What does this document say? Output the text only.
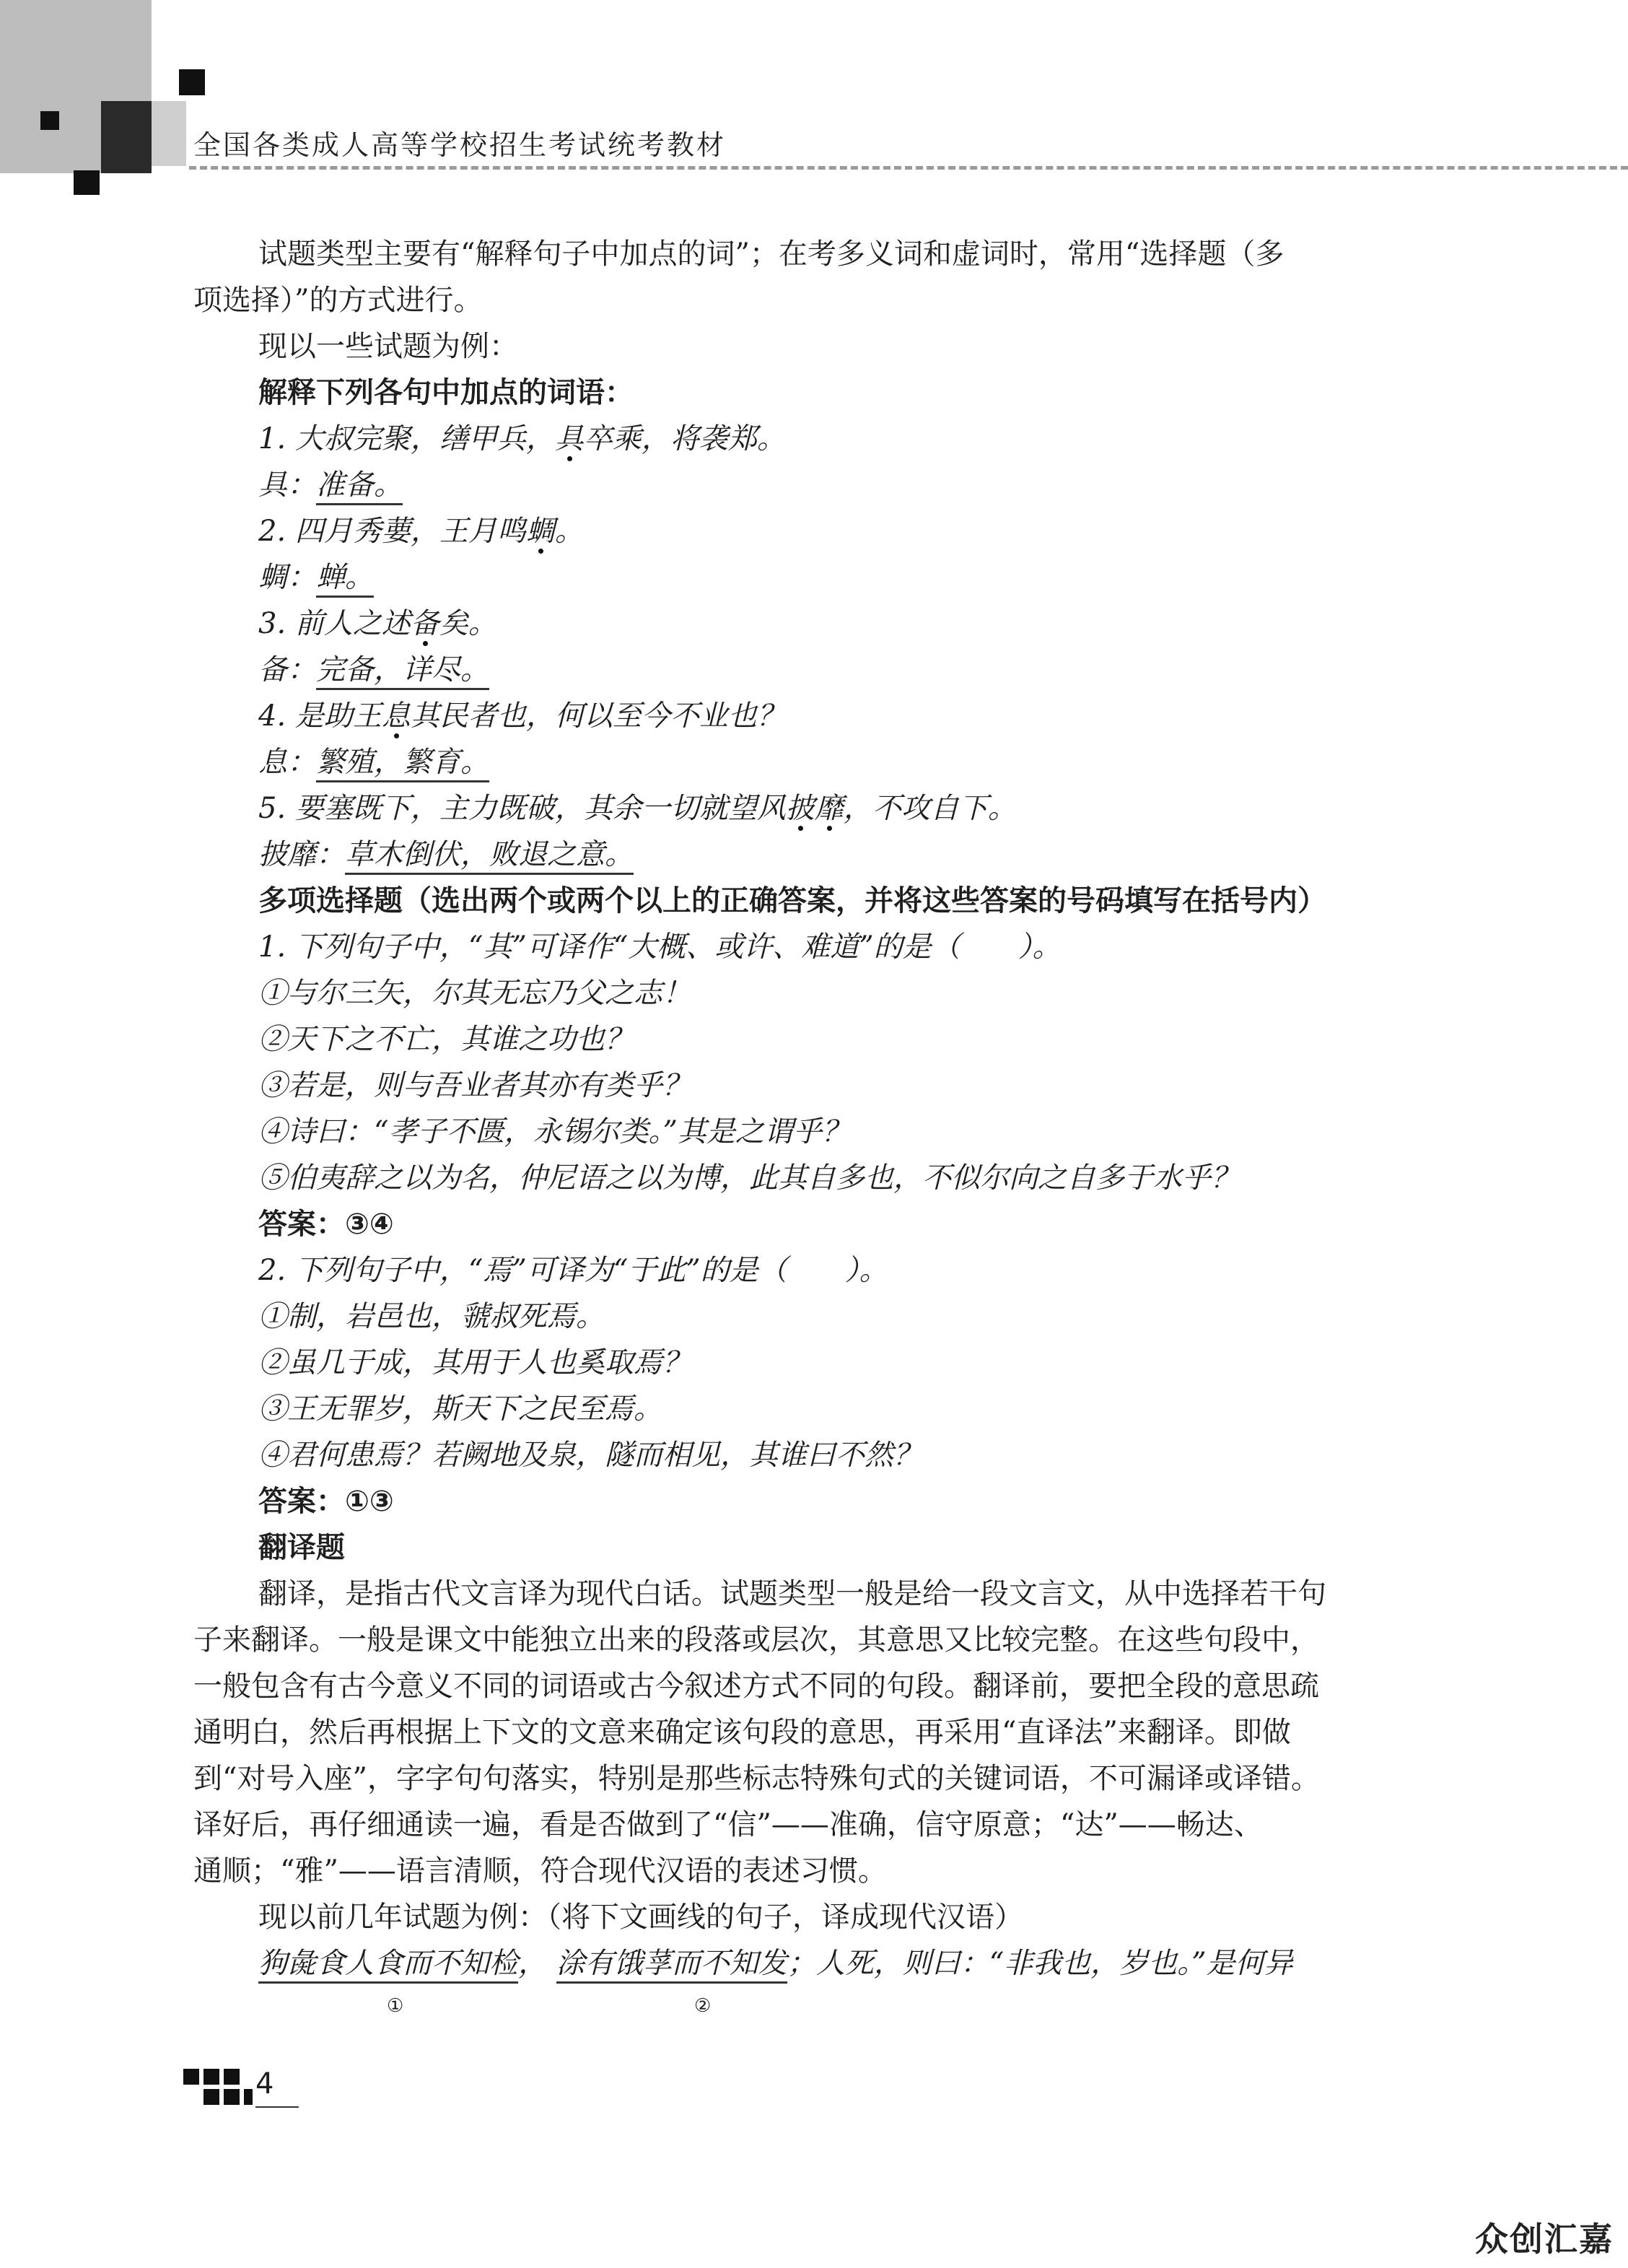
全国各类成人高等学校招生考试统考教材
试题类型主要有“解释句子中加点的词”；在考多义词和虚词时，常用“选择题（多
项选择）”的方式进行。
现以一些试题为例：
解释下列各句中加点的词语：
1. 大叔完聚，缮甲兵，具卒乘，将袭郑。
具：准备。
2. 四月秀葽，王月鸣蜩。
蜩：蝉。
3. 前人之述备矣。
备：完备，详尽。
4. 是助王息其民者也，何以至今不业也？
息：繁殖，繁育。
5. 要塞既下，主力既破，其余一切就望风披靡，不攻自下。
披靡：草木倒伏，败退之意。
多项选择题（选出两个或两个以上的正确答案，并将这些答案的号码填写在括号内）
1. 下列句子中，“其”可译作“大概、或许、难道”的是（　　）。
①与尔三矢，尔其无忘乃父之志！
②天下之不亡，其谁之功也？
③若是，则与吾业者其亦有类乎？
④诗曰：“孝子不匮，永锡尔类。”其是之谓乎？
⑤伯夷辞之以为名，仲尼语之以为博，此其自多也，不似尔向之自多于水乎？
答案：③④
2. 下列句子中，“焉”可译为“于此”的是（　　）。
①制，岩邑也，虢叔死焉。
②虽几于成，其用于人也奚取焉？
③王无罪岁，斯天下之民至焉。
④君何患焉？若阙地及泉，隧而相见，其谁曰不然？
答案：①③
翻译题
翻译，是指古代文言译为现代白话。试题类型一般是给一段文言文，从中选择若干句
子来翻译。一般是课文中能独立出来的段落或层次，其意思又比较完整。在这些句段中，
一般包含有古今意义不同的词语或古今叙述方式不同的句段。翻译前，要把全段的意思疏
通明白，然后再根据上下文的文意来确定该句段的意思，再采用“直译法”来翻译。即做
到“对号入座”，字字句句落实，特别是那些标志特殊句式的关键词语，不可漏译或译错。
译好后，再仔细通读一遍，看是否做到了“信”——准确，信守原意；“达”——畅达、
通顺；“雅”——语言清顺，符合现代汉语的表述习惯。
现以前几年试题为例：（将下文画线的句子，译成现代汉语）
狗彘食人食而不知检， 涂有饿莩而不知发；人死，则曰：“非我也，岁也。”是何异
①	②
4
众创汇嘉
